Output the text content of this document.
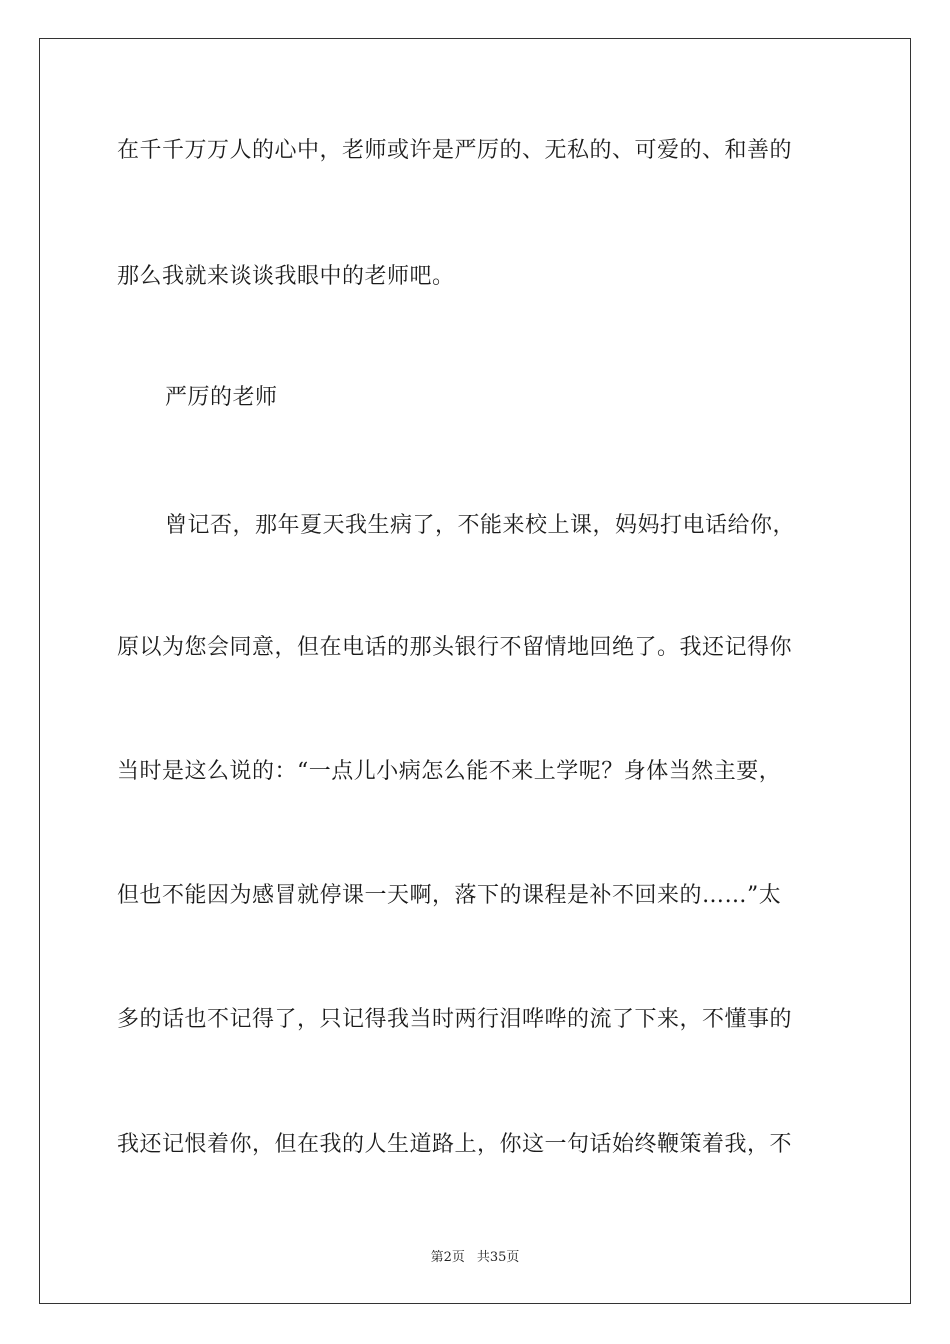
在千千万万人的心中，老师或许是严厉的、无私的、可爱的、和善的
那么我就来谈谈我眼中的老师吧。
严厉的老师
曾记否，那年夏天我生病了，不能来校上课，妈妈打电话给你，
原以为您会同意，但在电话的那头银行不留情地回绝了。我还记得你
当时是这么说的：“一点儿小病怎么能不来上学呢？身体当然主要，
但也不能因为感冒就停课一天啊，落下的课程是补不回来的……”太
多的话也不记得了，只记得我当时两行泪哗哗的流了下来，不懂事的
我还记恨着你，但在我的人生道路上，你这一句话始终鞭策着我，不
第2页 共35页
